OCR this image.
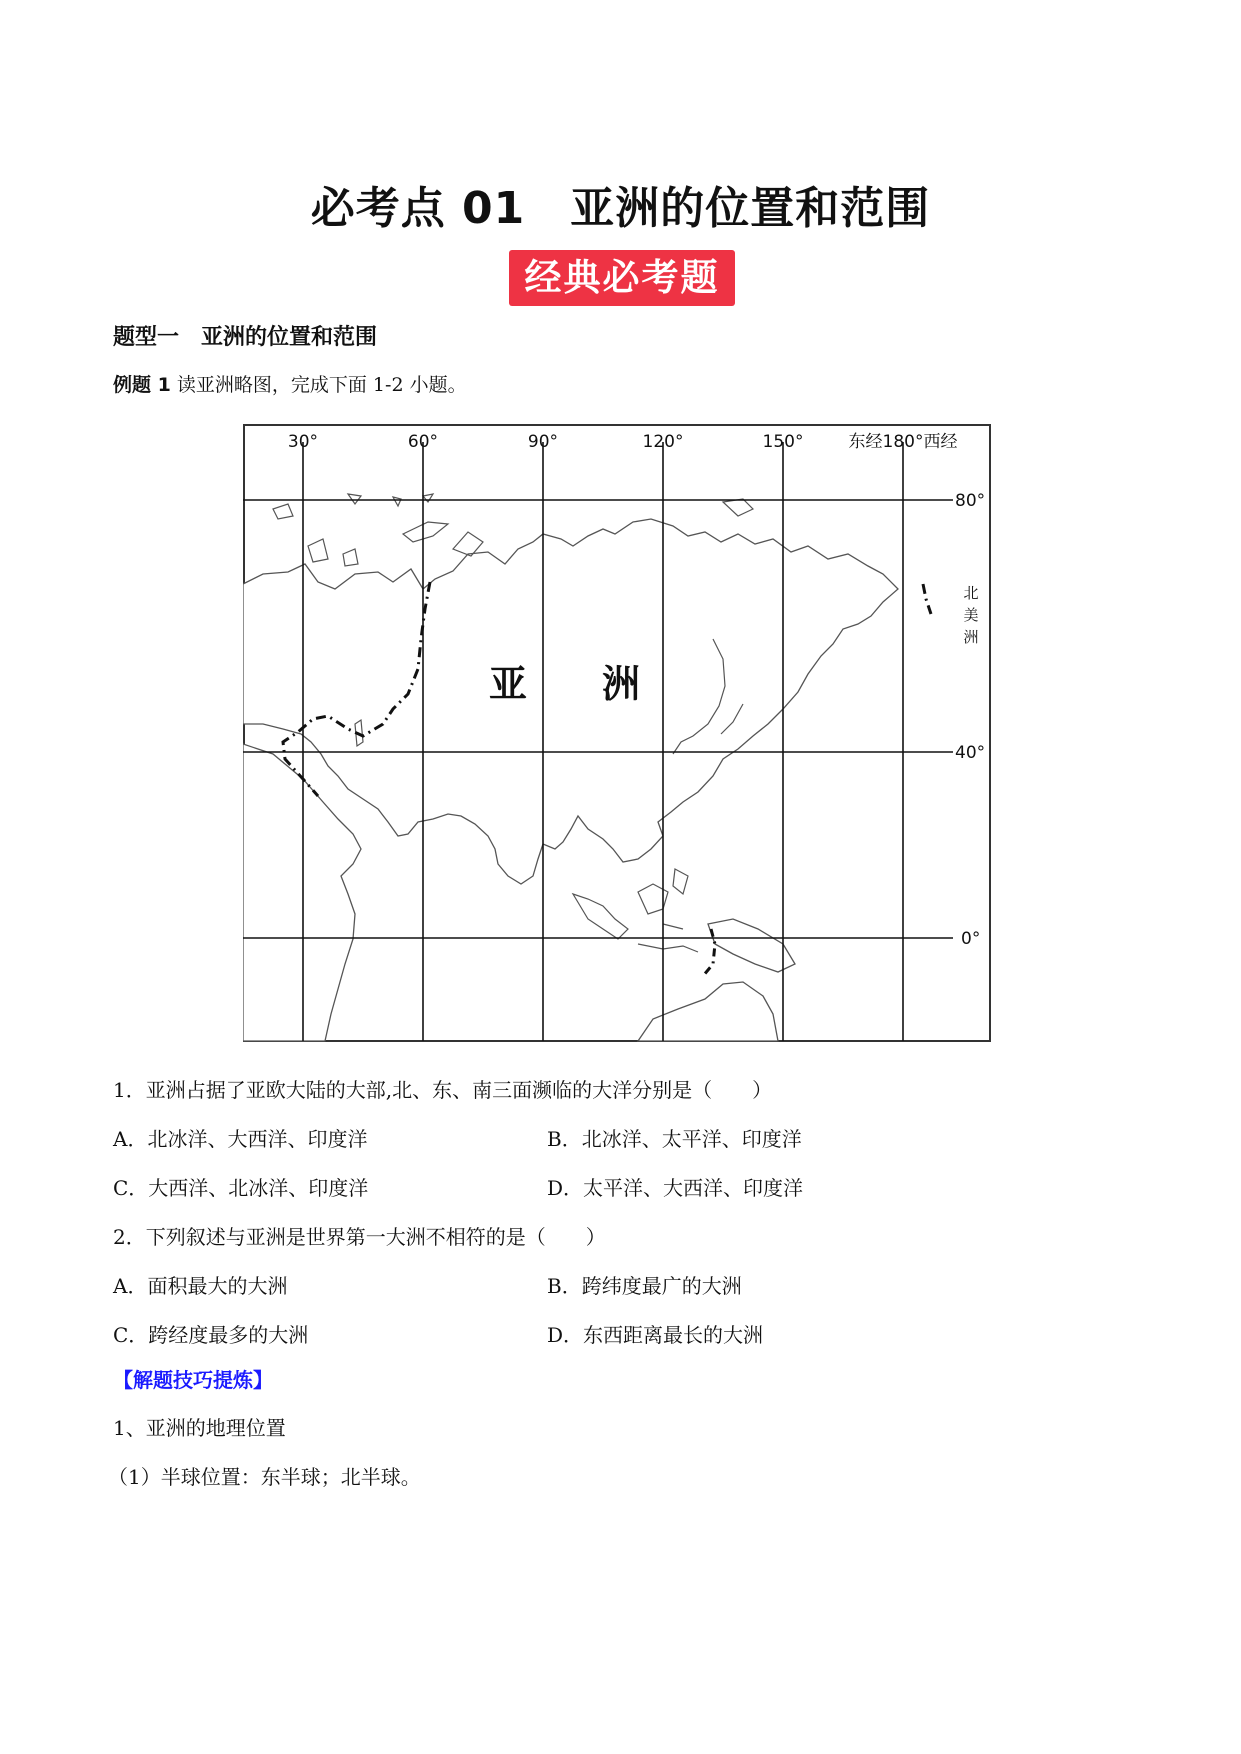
必考点 01　亚洲的位置和范围
经典必考题
题型一　亚洲的位置和范围
例题 1 读亚洲略图，完成下面 1-2 小题。
30°	60°	90°	120°	150°	东经180°西经
80°
40°
0°
亚 洲
北
美
洲
1．亚洲占据了亚欧大陆的大部,北、东、南三面濒临的大洋分别是（　　）
A．北冰洋、大西洋、印度洋	B．北冰洋、太平洋、印度洋
C．大西洋、北冰洋、印度洋	D．太平洋、大西洋、印度洋
2．下列叙述与亚洲是世界第一大洲不相符的是（　　）
A．面积最大的大洲	B．跨纬度最广的大洲
C．跨经度最多的大洲	D．东西距离最长的大洲
【解题技巧提炼】
1、亚洲的地理位置
（1）半球位置：东半球；北半球。
